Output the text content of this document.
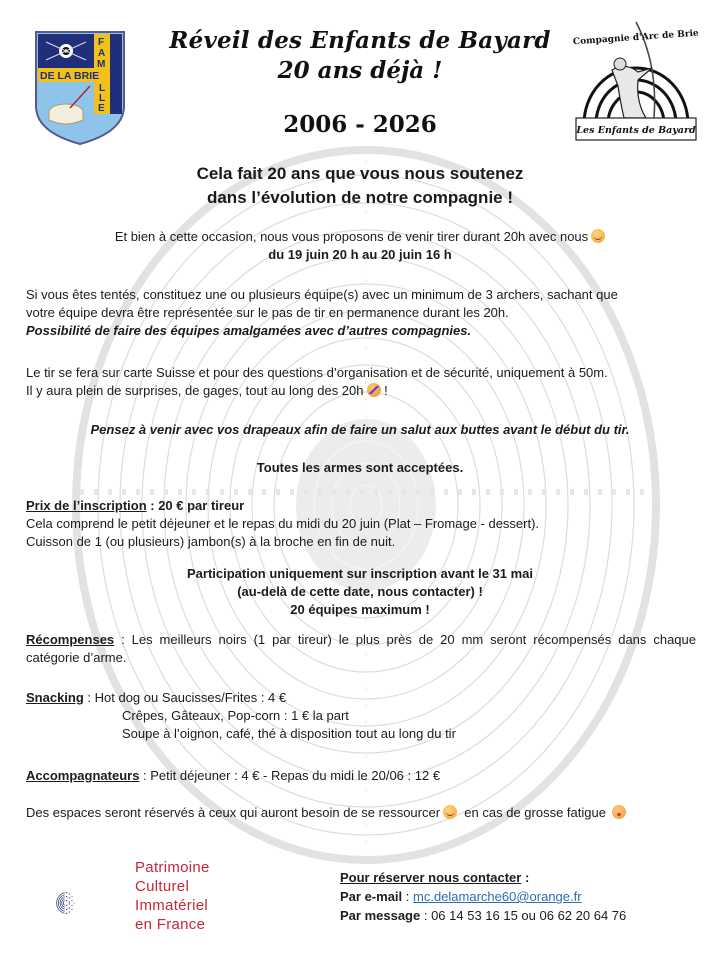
DE LA BRIE
F
A
M
L
L
E
Compagnie d'Arc de Brie
Les Enfants de Bayard
Réveil des Enfants de Bayard
20 ans déjà !
2006 - 2026
Cela fait 20 ans que vous nous soutenez
dans l’évolution de notre compagnie !
Et bien à cette occasion, nous vous proposons de venir tirer durant 20h avec nous
du 19 juin 20 h au 20 juin 16 h
Si vous êtes tentés, constituez une ou plusieurs équipe(s) avec un minimum de 3 archers, sachant que
votre équipe devra être représentée sur le pas de tir en permanence durant les 20h.
Possibilité de faire des équipes amalgamées avec d’autres compagnies.
Le tir se fera sur carte Suisse et pour des questions d’organisation et de sécurité, uniquement à 50m.
Il y aura plein de surprises, de gages, tout au long des 20h !
Pensez à venir avec vos drapeaux afin de faire un salut aux buttes avant le début du tir.
Toutes les armes sont acceptées.
Prix de l’inscription : 20 € par tireur
Cela comprend le petit déjeuner et le repas du midi du 20 juin (Plat – Fromage - dessert).
Cuisson de 1 (ou plusieurs) jambon(s) à la broche en fin de nuit.
Participation uniquement sur inscription avant le 31 mai
(au-delà de cette date, nous contacter) !
20 équipes maximum !
Récompenses : Les meilleurs noirs (1 par tireur) le plus près de 20 mm seront récompensés dans chaque catégorie d’arme.
Snacking : Hot dog ou Saucisses/Frites : 4 €
Crêpes, Gâteaux, Pop-corn : 1 € la part
Soupe à l’oignon, café, thé à disposition tout au long du tir
Accompagnateurs : Petit déjeuner : 4 € - Repas du midi le 20/06 : 12 €
Des espaces seront réservés à ceux qui auront besoin de se ressourcer en cas de grosse fatigue
Patrimoine
Culturel
Immatériel
en France
Pour réserver nous contacter :
Par e-mail : mc.delamarche60@orange.fr
Par message : 06 14 53 16 15 ou 06 62 20 64 76
